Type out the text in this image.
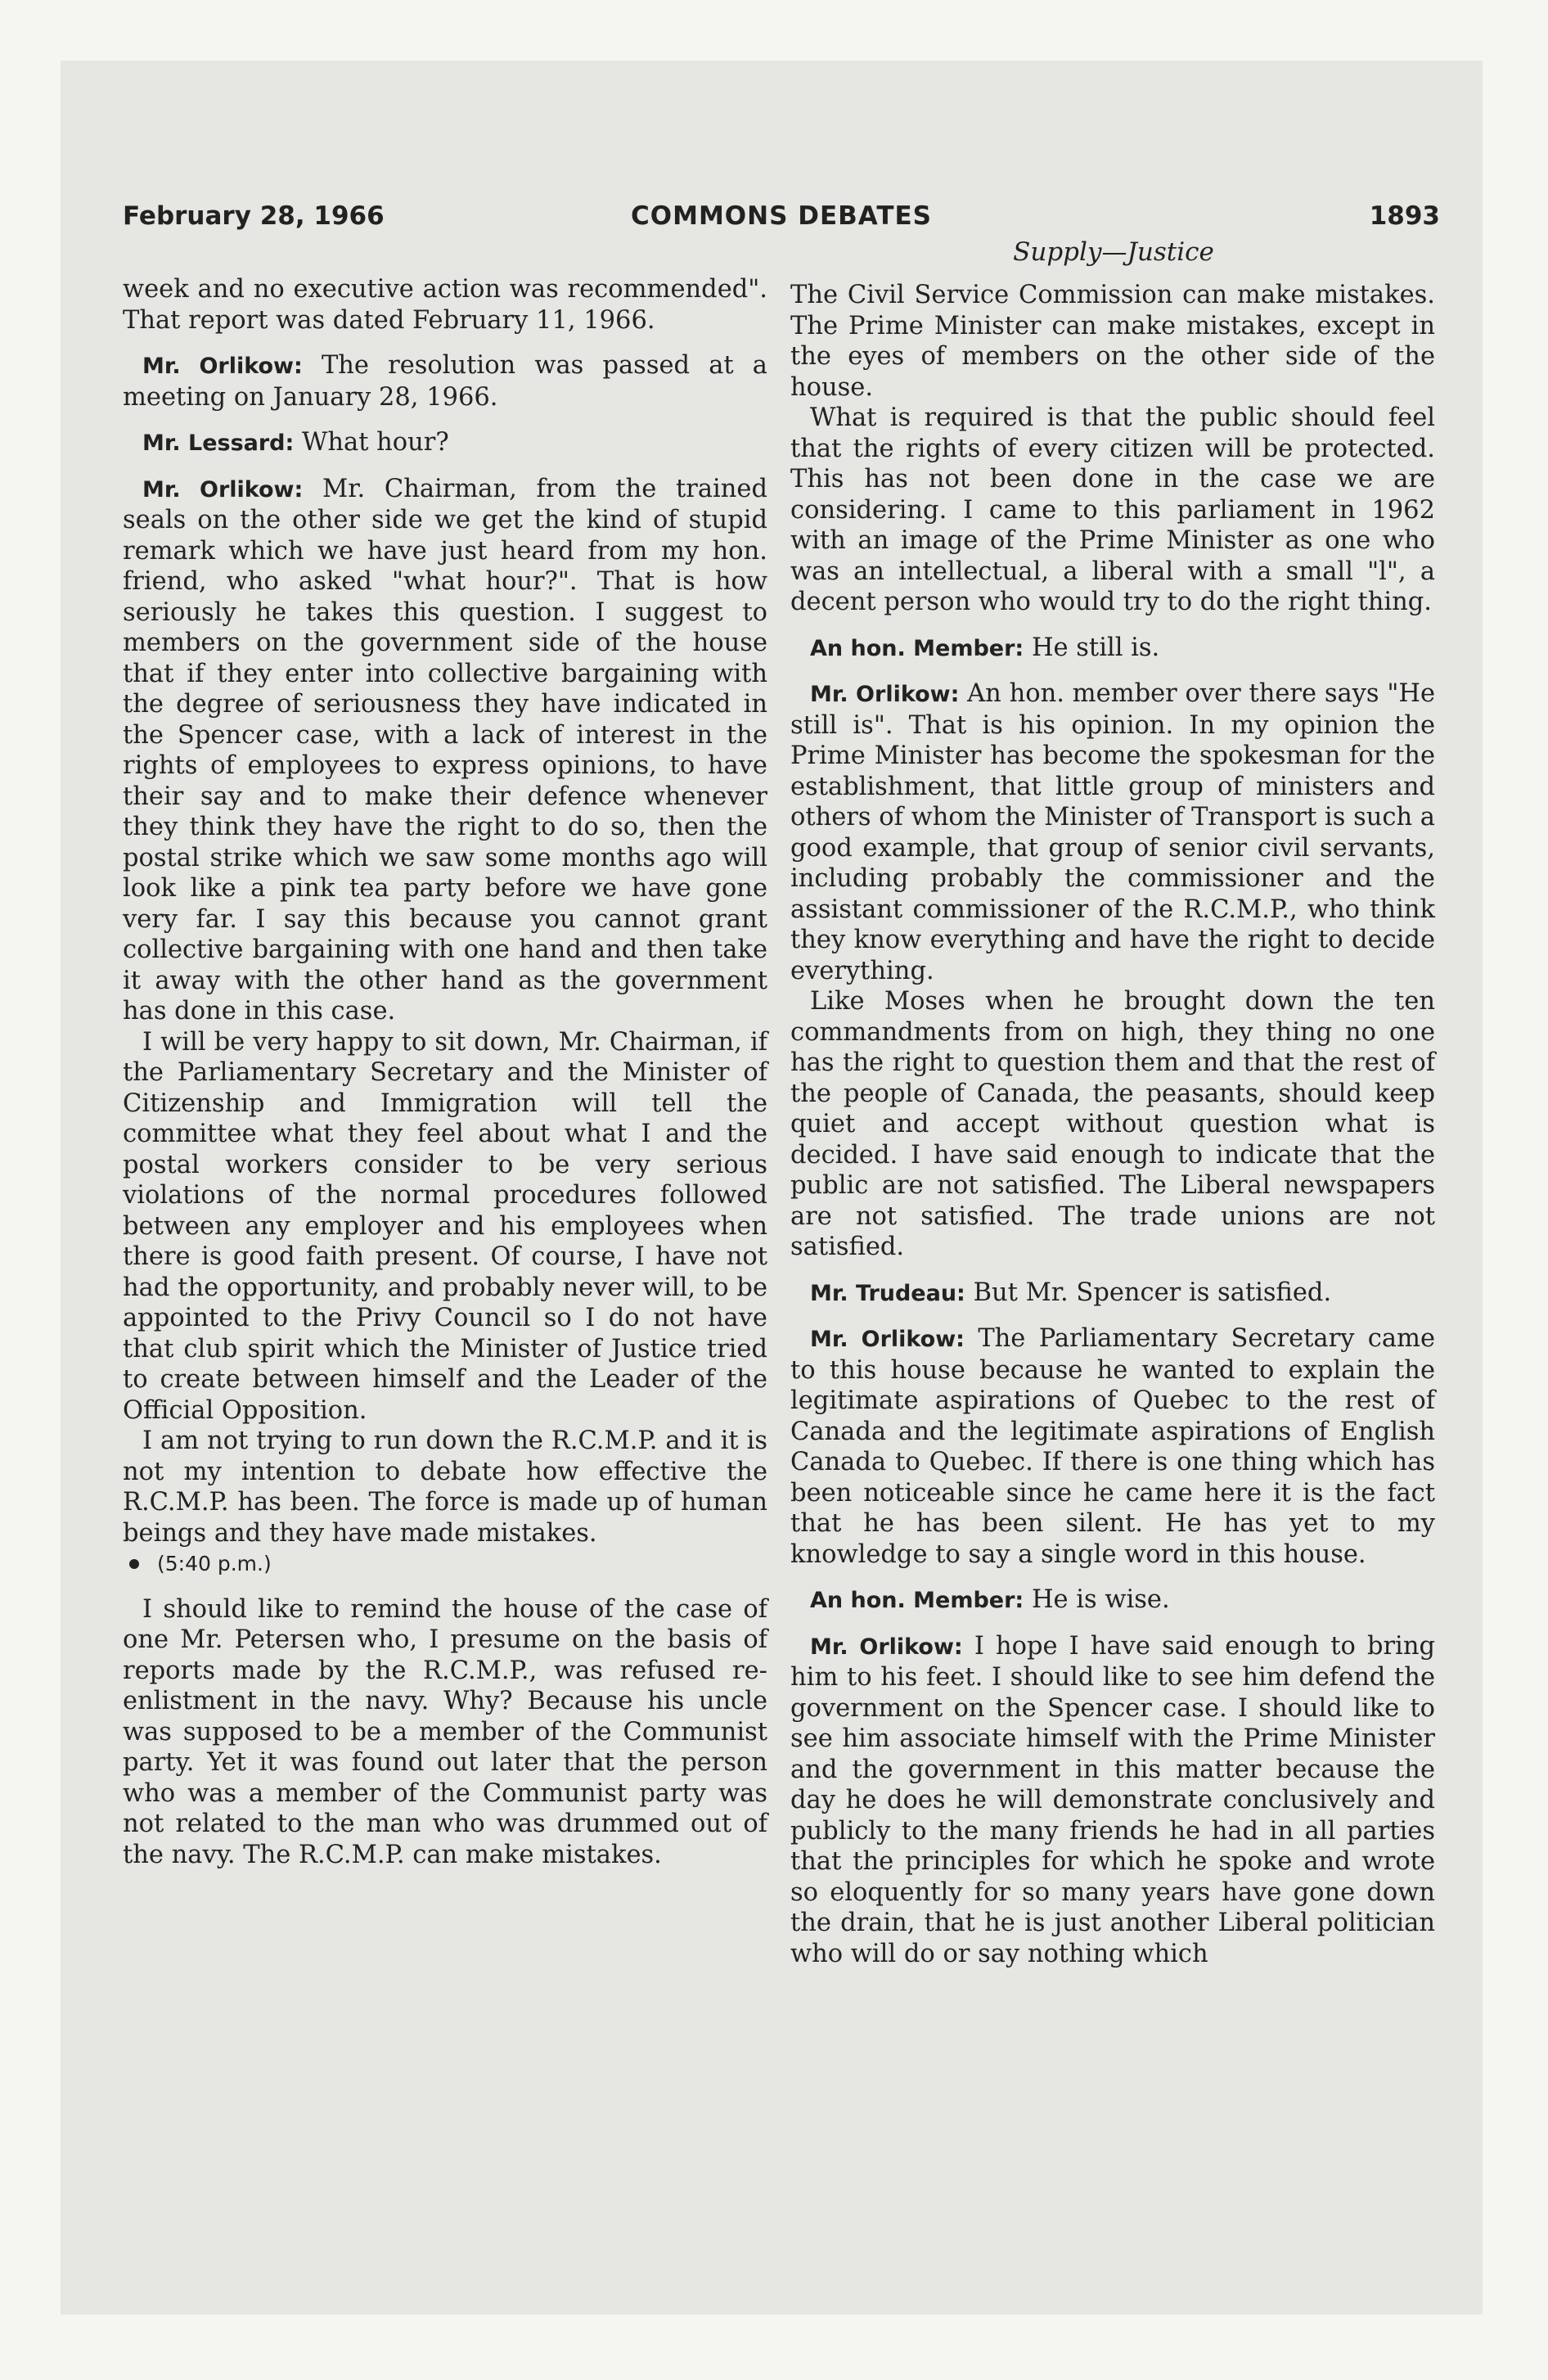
February 28, 1966	COMMONS DEBATES	1893
Supply—Justice

week and no executive action was recommended". That report was dated February 11, 1966.

Mr. Orlikow: The resolution was passed at a meeting on January 28, 1966.

Mr. Lessard: What hour?

Mr. Orlikow: Mr. Chairman, from the trained seals on the other side we get the kind of stupid remark which we have just heard from my hon. friend, who asked "what hour?". That is how seriously he takes this question. I suggest to members on the government side of the house that if they enter into collective bargaining with the degree of seriousness they have indicated in the Spencer case, with a lack of interest in the rights of employees to express opinions, to have their say and to make their defence whenever they think they have the right to do so, then the postal strike which we saw some months ago will look like a pink tea party before we have gone very far. I say this because you cannot grant collective bargaining with one hand and then take it away with the other hand as the government has done in this case.

I will be very happy to sit down, Mr. Chairman, if the Parliamentary Secretary and the Minister of Citizenship and Immigration will tell the committee what they feel about what I and the postal workers consider to be very serious violations of the normal procedures followed between any employer and his employees when there is good faith present. Of course, I have not had the opportunity, and probably never will, to be appointed to the Privy Council so I do not have that club spirit which the Minister of Justice tried to create between himself and the Leader of the Official Opposition.

I am not trying to run down the R.C.M.P. and it is not my intention to debate how effective the R.C.M.P. has been. The force is made up of human beings and they have made mistakes.

(5:40 p.m.)

I should like to remind the house of the case of one Mr. Petersen who, I presume on the basis of reports made by the R.C.M.P., was refused re-enlistment in the navy. Why? Because his uncle was supposed to be a member of the Communist party. Yet it was found out later that the person who was a member of the Communist party was not related to the man who was drummed out of the navy. The R.C.M.P. can make mistakes.

The Civil Service Commission can make mistakes. The Prime Minister can make mistakes, except in the eyes of members on the other side of the house.

What is required is that the public should feel that the rights of every citizen will be protected. This has not been done in the case we are considering. I came to this parliament in 1962 with an image of the Prime Minister as one who was an intellectual, a liberal with a small "l", a decent person who would try to do the right thing.

An hon. Member: He still is.

Mr. Orlikow: An hon. member over there says "He still is". That is his opinion. In my opinion the Prime Minister has become the spokesman for the establishment, that little group of ministers and others of whom the Minister of Transport is such a good example, that group of senior civil servants, including probably the commissioner and the assistant commissioner of the R.C.M.P., who think they know everything and have the right to decide everything.

Like Moses when he brought down the ten commandments from on high, they thing no one has the right to question them and that the rest of the people of Canada, the peasants, should keep quiet and accept without question what is decided. I have said enough to indicate that the public are not satisfied. The Liberal newspapers are not satisfied. The trade unions are not satisfied.

Mr. Trudeau: But Mr. Spencer is satisfied.

Mr. Orlikow: The Parliamentary Secretary came to this house because he wanted to explain the legitimate aspirations of Quebec to the rest of Canada and the legitimate aspirations of English Canada to Quebec. If there is one thing which has been noticeable since he came here it is the fact that he has been silent. He has yet to my knowledge to say a single word in this house.

An hon. Member: He is wise.

Mr. Orlikow: I hope I have said enough to bring him to his feet. I should like to see him defend the government on the Spencer case. I should like to see him associate himself with the Prime Minister and the government in this matter because the day he does he will demonstrate conclusively and publicly to the many friends he had in all parties that the principles for which he spoke and wrote so eloquently for so many years have gone down the drain, that he is just another Liberal politician who will do or say nothing which
